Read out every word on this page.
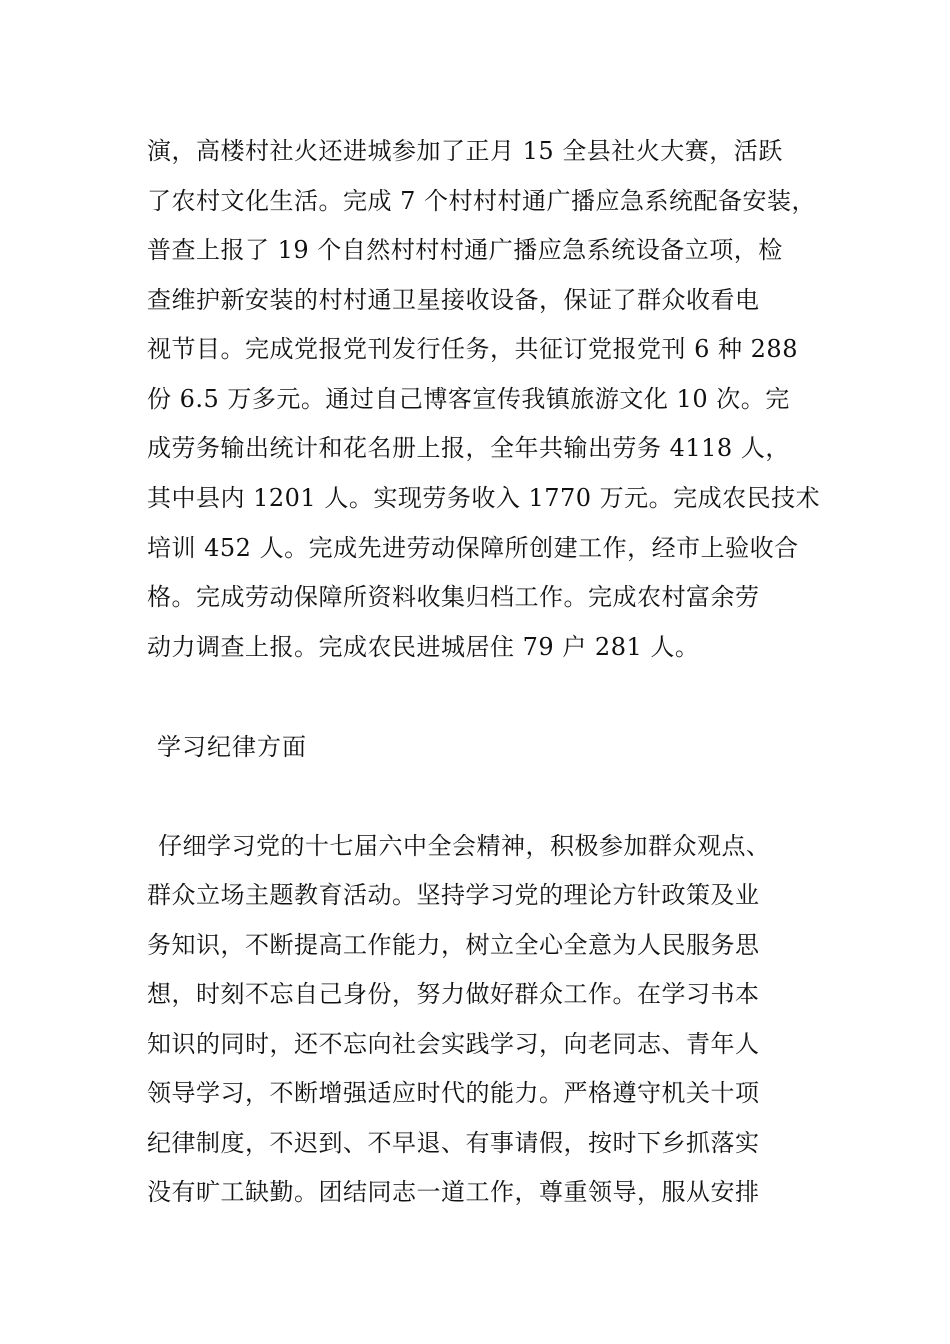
演，高楼村社火还进城参加了正月 15 全县社火大赛，活跃
了农村文化生活。完成 7 个村村村通广播应急系统配备安装，
普查上报了 19 个自然村村村通广播应急系统设备立项，检
查维护新安装的村村通卫星接收设备，保证了群众收看电
视节目。完成党报党刊发行任务，共征订党报党刊 6 种 288
份 6.5 万多元。通过自己博客宣传我镇旅游文化 10 次。完
成劳务输出统计和花名册上报，全年共输出劳务 4118 人，
其中县内 1201 人。实现劳务收入 1770 万元。完成农民技术
培训 452 人。完成先进劳动保障所创建工作，经市上验收合
格。完成劳动保障所资料收集归档工作。完成农村富余劳
动力调查上报。完成农民进城居住 79 户 281 人。
学习纪律方面
仔细学习党的十七届六中全会精神，积极参加群众观点、
群众立场主题教育活动。坚持学习党的理论方针政策及业
务知识，不断提高工作能力，树立全心全意为人民服务思
想，时刻不忘自己身份，努力做好群众工作。在学习书本
知识的同时，还不忘向社会实践学习，向老同志、青年人
领导学习，不断增强适应时代的能力。严格遵守机关十项
纪律制度，不迟到、不早退、有事请假，按时下乡抓落实
没有旷工缺勤。团结同志一道工作，尊重领导，服从安排
